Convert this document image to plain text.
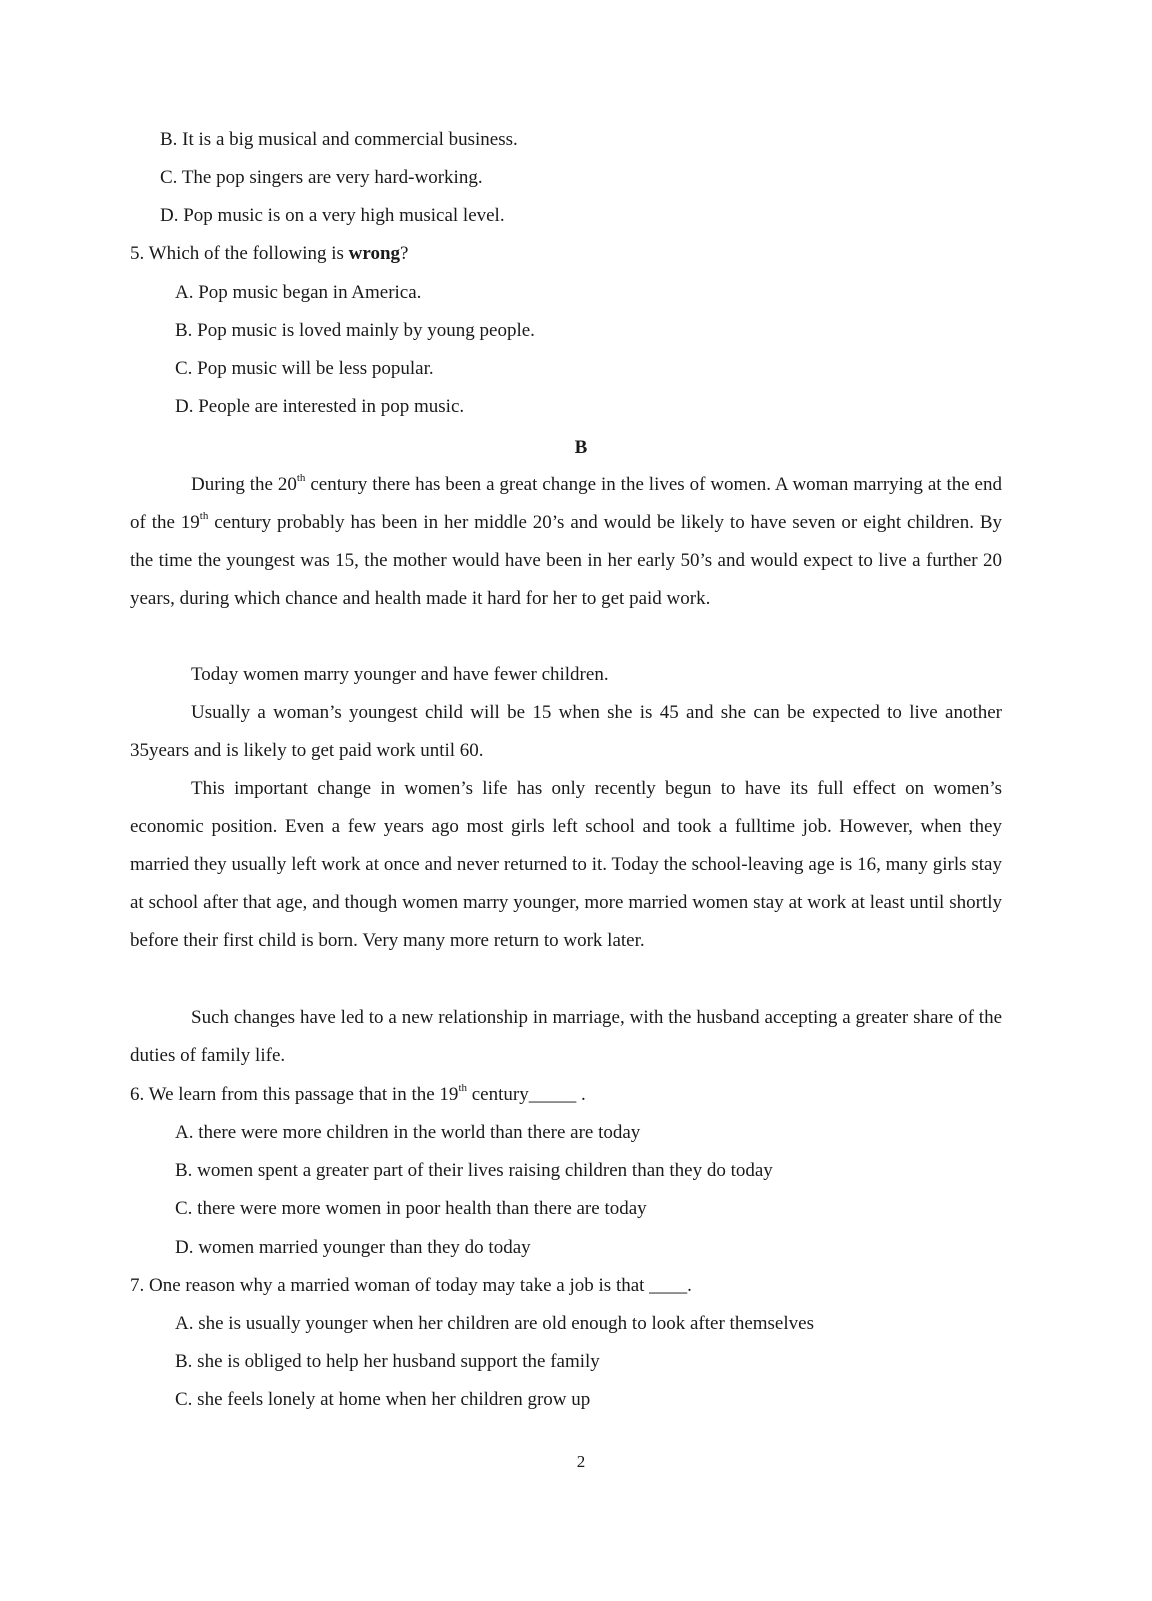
B. It is a big musical and commercial business.
C. The pop singers are very hard-working.
D. Pop music is on a very high musical level.
5. Which of the following is wrong?
A. Pop music began in America.
B. Pop music is loved mainly by young people.
C. Pop music will be less popular.
D. People are interested in pop music.
B

During the 20th century there has been a great change in the lives of women. A woman marrying at the end of the 19th century probably has been in her middle 20’s and would be likely to have seven or eight children. By the time the youngest was 15, the mother would have been in her early 50’s and would expect to live a further 20 years, during which chance and health made it hard for her to get paid work.

Today women marry younger and have fewer children.

Usually a woman’s youngest child will be 15 when she is 45 and she can be expected to live another 35years and is likely to get paid work until 60.

This important change in women’s life has only recently begun to have its full effect on women’s economic position. Even a few years ago most girls left school and took a fulltime job. However, when they married they usually left work at once and never returned to it. Today the school-leaving age is 16, many girls stay at school after that age, and though women marry younger, more married women stay at work at least until shortly before their first child is born. Very many more return to work later.

Such changes have led to a new relationship in marriage, with the husband accepting a greater share of the duties of family life.

6. We learn from this passage that in the 19th century_____ .
A. there were more children in the world than there are today
B. women spent a greater part of their lives raising children than they do today
C. there were more women in poor health than there are today
D. women married younger than they do today
7. One reason why a married woman of today may take a job is that ____.
A. she is usually younger when her children are old enough to look after themselves
B. she is obliged to help her husband support the family
C. she feels lonely at home when her children grow up
2
